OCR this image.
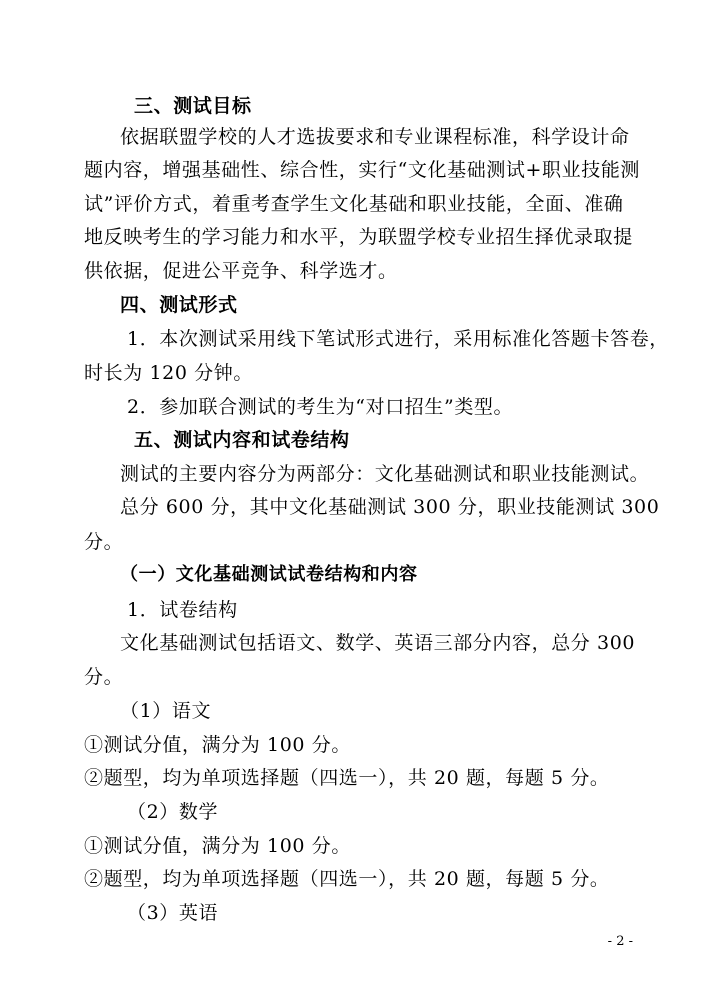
三、测试目标
依据联盟学校的人才选拔要求和专业课程标准，科学设计命
题内容，增强基础性、综合性，实行“文化基础测试+职业技能测
试”评价方式，着重考查学生文化基础和职业技能，全面、准确
地反映考生的学习能力和水平，为联盟学校专业招生择优录取提
供依据，促进公平竞争、科学选才。
四、测试形式
1．本次测试采用线下笔试形式进行，采用标准化答题卡答卷，
时长为 120 分钟。
2．参加联合测试的考生为“对口招生”类型。
五、测试内容和试卷结构
测试的主要内容分为两部分：文化基础测试和职业技能测试。
总分 600 分，其中文化基础测试 300 分，职业技能测试 300
分。
（一）文化基础测试试卷结构和内容
1．试卷结构
文化基础测试包括语文、数学、英语三部分内容，总分 300
分。
（1）语文
①测试分值，满分为 100 分。
②题型，均为单项选择题（四选一），共 20 题，每题 5 分。
（2）数学
①测试分值，满分为 100 分。
②题型，均为单项选择题（四选一），共 20 题，每题 5 分。
（3）英语
- 2 -
